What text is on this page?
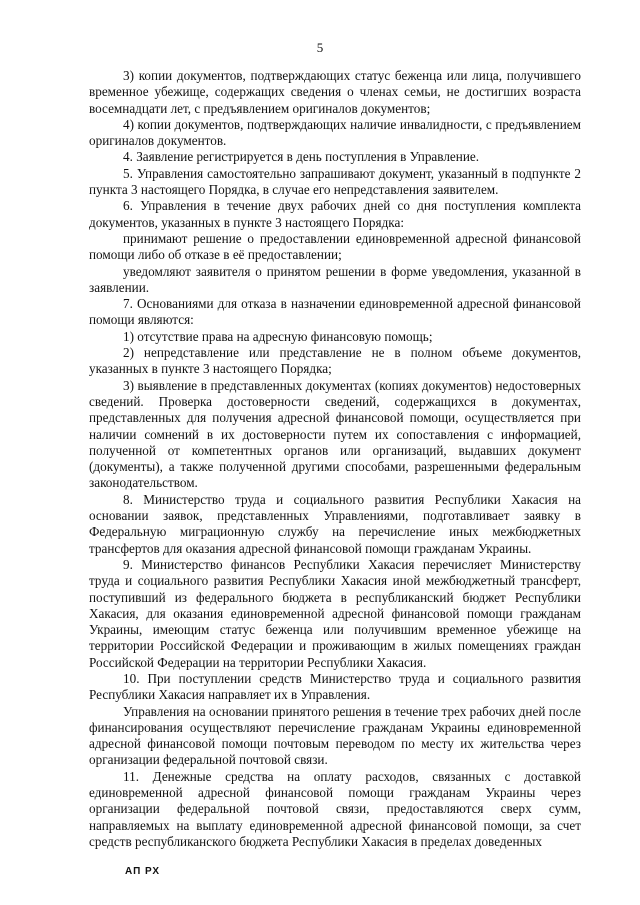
5

3) копии документов, подтверждающих статус беженца или лица, получившего временное убежище, содержащих сведения о членах семьи, не достигших возраста восемнадцати лет, с предъявлением оригиналов документов;

4) копии документов, подтверждающих наличие инвалидности, с предъявлением оригиналов документов.

4. Заявление регистрируется в день поступления в Управление.

5. Управления самостоятельно запрашивают документ, указанный в подпункте 2 пункта 3 настоящего Порядка, в случае его непредставления заявителем.

6. Управления в течение двух рабочих дней со дня поступления комплекта документов, указанных в пункте 3 настоящего Порядка:

принимают решение о предоставлении единовременной адресной финансовой помощи либо об отказе в её предоставлении;

уведомляют заявителя о принятом решении в форме уведомления, указанной в заявлении.

7. Основаниями для отказа в назначении единовременной адресной финансовой помощи являются:

1) отсутствие права на адресную финансовую помощь;

2) непредставление или представление не в полном объеме документов, указанных в пункте 3 настоящего Порядка;

3) выявление в представленных документах (копиях документов) недостоверных сведений. Проверка достоверности сведений, содержащихся в документах, представленных для получения адресной финансовой помощи, осуществляется при наличии сомнений в их достоверности путем их сопоставления с информацией, полученной от компетентных органов или организаций, выдавших документ (документы), а также полученной другими способами, разрешенными федеральным законодательством.

8. Министерство труда и социального развития Республики Хакасия на основании заявок, представленных Управлениями, подготавливает заявку в Федеральную миграционную службу на перечисление иных межбюджетных трансфертов для оказания адресной финансовой помощи гражданам Украины.

9. Министерство финансов Республики Хакасия перечисляет Министерству труда и социального развития Республики Хакасия иной межбюджетный трансферт, поступивший из федерального бюджета в республиканский бюджет Республики Хакасия, для оказания единовременной адресной финансовой помощи гражданам Украины, имеющим статус беженца или получившим временное убежище на территории Российской Федерации и проживающим в жилых помещениях граждан Российской Федерации на территории Республики Хакасия.

10. При поступлении средств Министерство труда и социального развития Республики Хакасия направляет их в Управления.

Управления на основании принятого решения в течение трех рабочих дней после финансирования осуществляют перечисление гражданам Украины единовременной адресной финансовой помощи почтовым переводом по месту их жительства через организации федеральной почтовой связи.

11. Денежные средства на оплату расходов, связанных с доставкой единовременной адресной финансовой помощи гражданам Украины через организации федеральной почтовой связи, предоставляются сверх сумм, направляемых на выплату единовременной адресной финансовой помощи, за счет средств республиканского бюджета Республики Хакасия в пределах доведенных

АП РХ
